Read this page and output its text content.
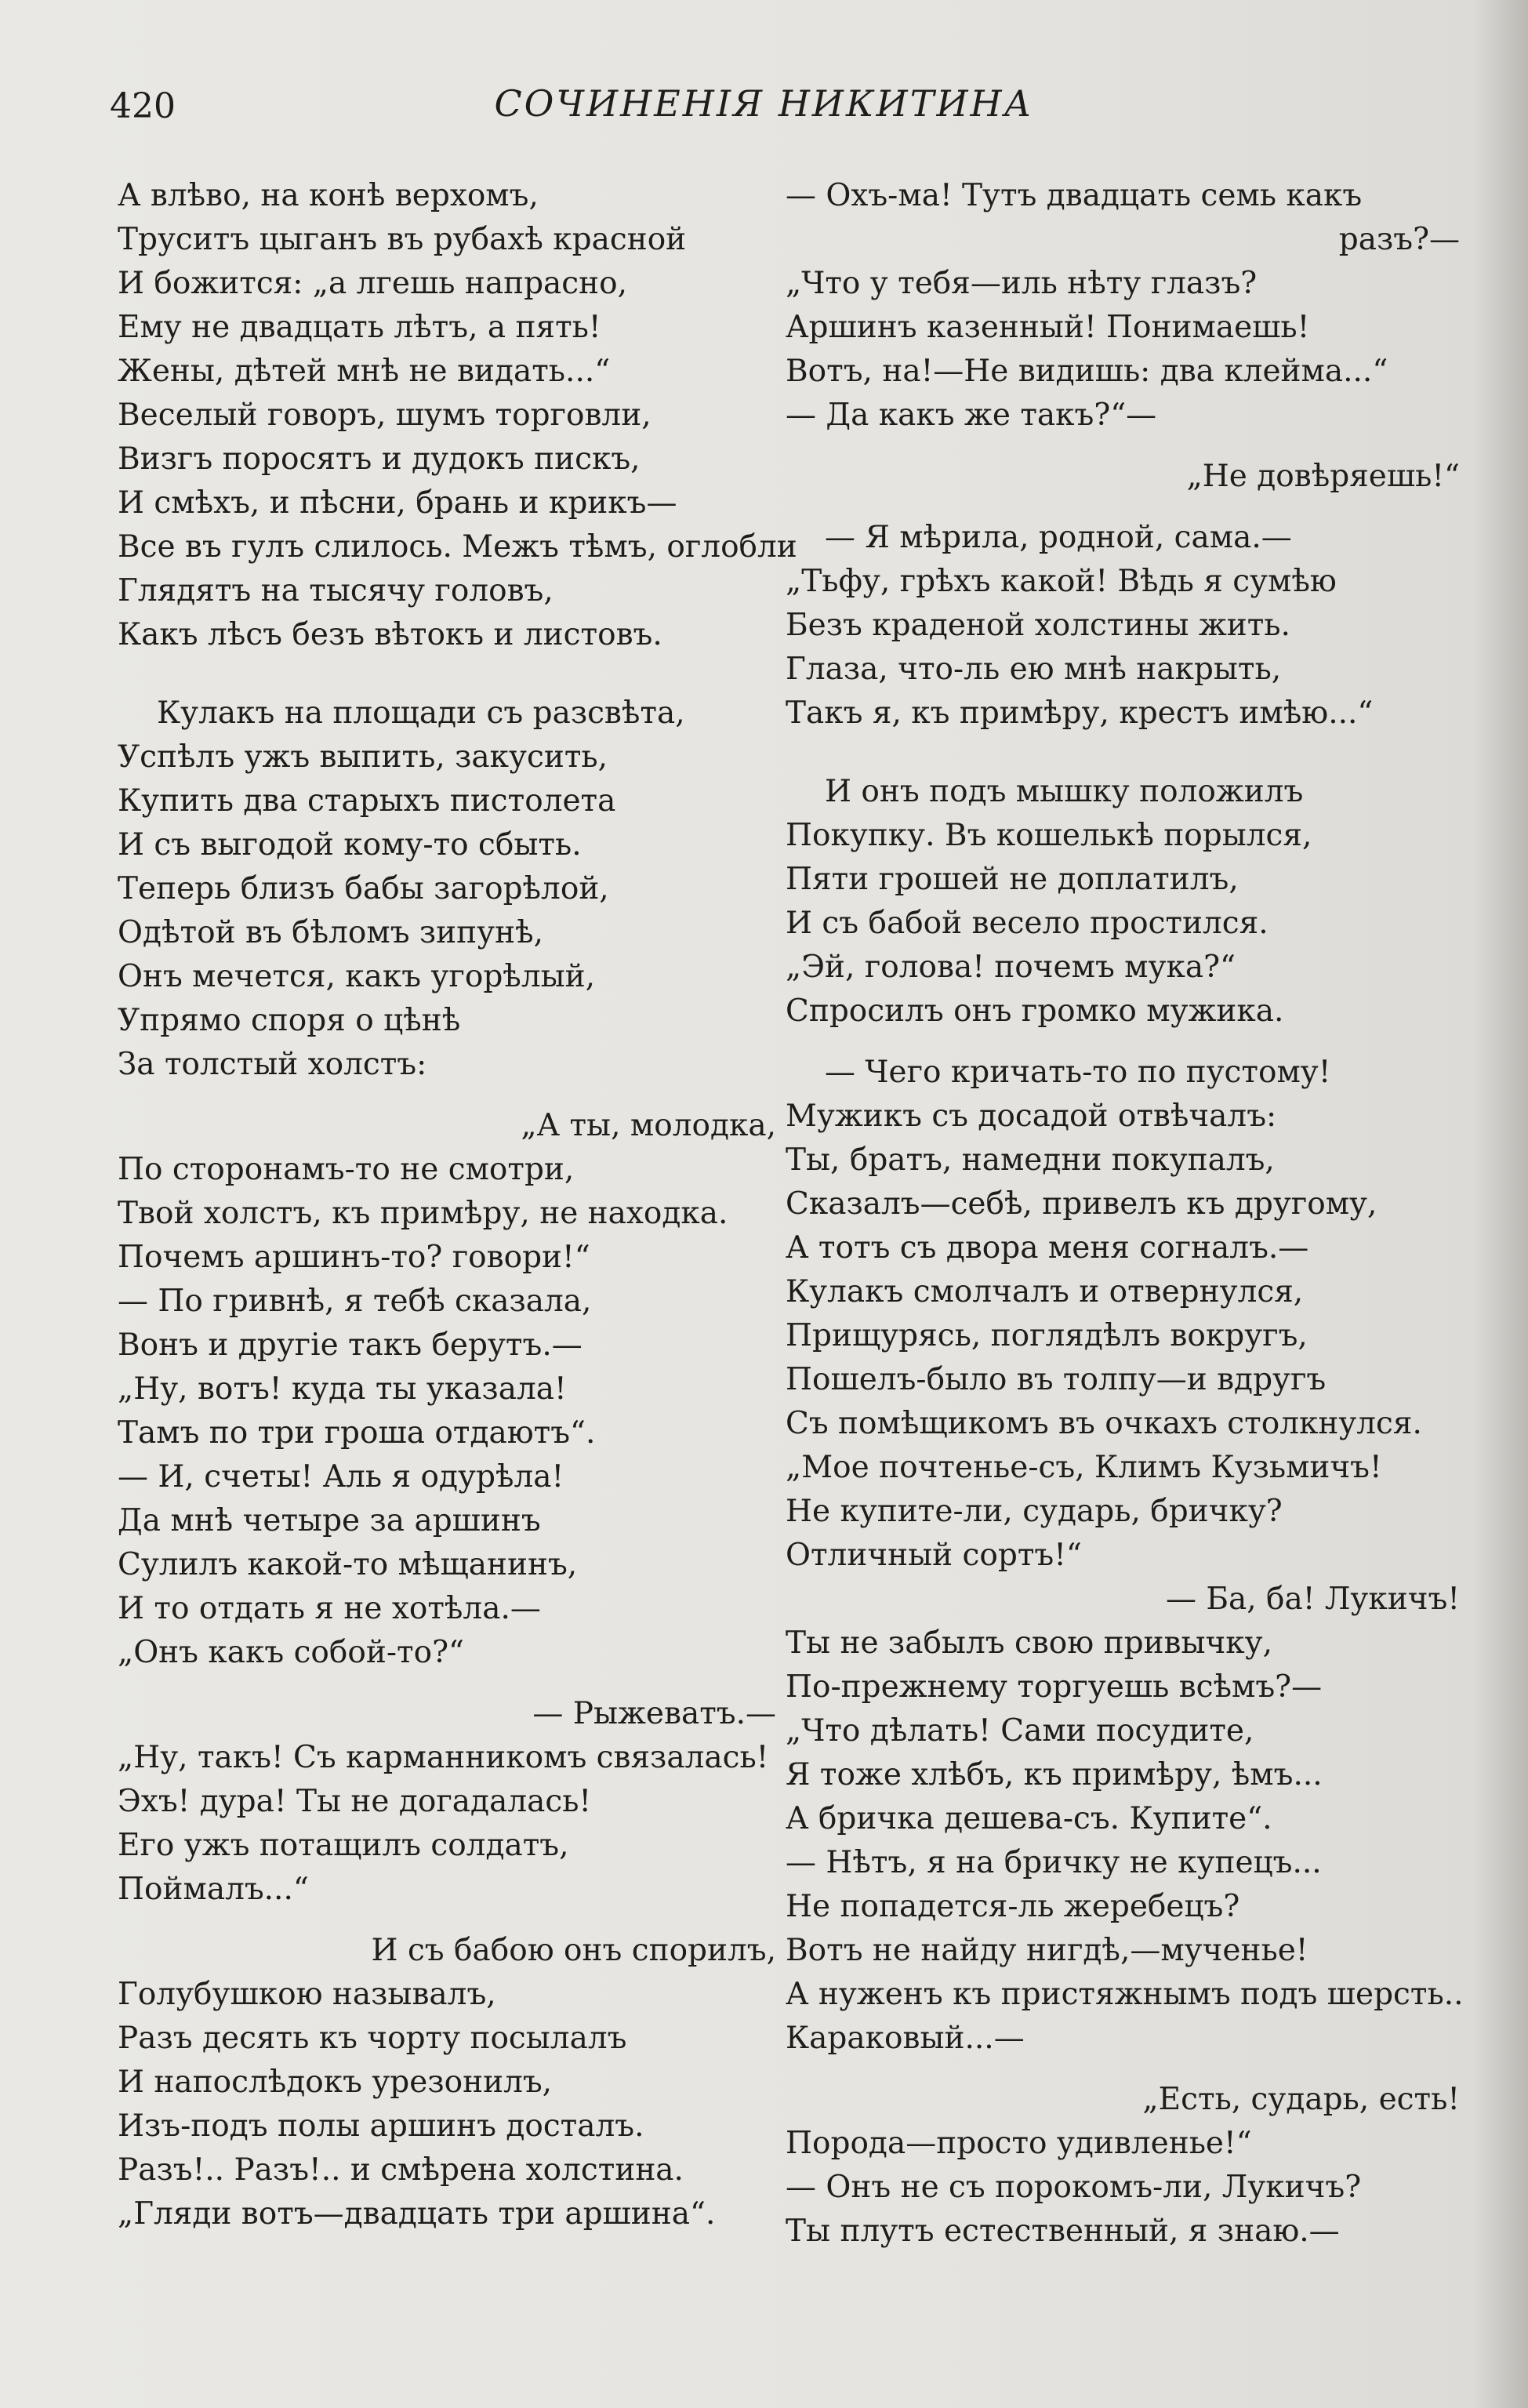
420	СОЧИНЕНІЯ НИКИТИНА
А влѣво, на конѣ верхомъ,
Труситъ цыганъ въ рубахѣ красной
И божится: „а лгешь напрасно,
Ему не двадцать лѣтъ, а пять!
Жены, дѣтей мнѣ не видать...“
Веселый говоръ, шумъ торговли,
Визгъ поросятъ и дудокъ пискъ,
И смѣхъ, и пѣсни, брань и крикъ—
Все въ гулъ слилось. Межъ тѣмъ, оглобли
Глядятъ на тысячу головъ,
Какъ лѣсъ безъ вѣтокъ и листовъ.
Кулакъ на площади съ разсвѣта,
Успѣлъ ужъ выпить, закусить,
Купить два старыхъ пистолета
И съ выгодой кому-то сбыть.
Теперь близъ бабы загорѣлой,
Одѣтой въ бѣломъ зипунѣ,
Онъ мечется, какъ угорѣлый,
Упрямо споря о цѣнѣ
За толстый холстъ:
„А ты, молодка,
По сторонамъ-то не смотри,
Твой холстъ, къ примѣру, не находка.
Почемъ аршинъ-то? говори!“
— По гривнѣ, я тебѣ сказала,
Вонъ и другіе такъ берутъ.—
„Ну, вотъ! куда ты указала!
Тамъ по три гроша отдаютъ“.
— И, счеты! Аль я одурѣла!
Да мнѣ четыре за аршинъ
Сулилъ какой-то мѣщанинъ,
И то отдать я не хотѣла.—
„Онъ какъ собой-то?“
— Рыжеватъ.—
„Ну, такъ! Съ карманникомъ связалась!
Эхъ! дура! Ты не догадалась!
Его ужъ потащилъ солдатъ,
Поймалъ...“
И съ бабою онъ спорилъ,
Голубушкою называлъ,
Разъ десять къ чорту посылалъ
И напослѣдокъ урезонилъ,
Изъ-подъ полы аршинъ досталъ.
Разъ!.. Разъ!.. и смѣрена холстина.
„Гляди вотъ—двадцать три аршина“.
— Охъ-ма! Тутъ двадцать семь какъ
разъ?—
„Что у тебя—иль нѣту глазъ?
Аршинъ казенный! Понимаешь!
Вотъ, на!—Не видишь: два клейма...“
— Да какъ же такъ?“—
„Не довѣряешь!“
— Я мѣрила, родной, сама.—
„Тьфу, грѣхъ какой! Вѣдь я сумѣю
Безъ краденой холстины жить.
Глаза, что-ль ею мнѣ накрыть,
Такъ я, къ примѣру, крестъ имѣю...“
И онъ подъ мышку положилъ
Покупку. Въ кошелькѣ порылся,
Пяти грошей не доплатилъ,
И съ бабой весело простился.
„Эй, голова! почемъ мука?“
Спросилъ онъ громко мужика.
— Чего кричать-то по пустому!
Мужикъ съ досадой отвѣчалъ:
Ты, братъ, намедни покупалъ,
Сказалъ—себѣ, привелъ къ другому,
А тотъ съ двора меня согналъ.—
Кулакъ смолчалъ и отвернулся,
Прищурясь, поглядѣлъ вокругъ,
Пошелъ-было въ толпу—и вдругъ
Съ помѣщикомъ въ очкахъ столкнулся.
„Мое почтенье-съ, Климъ Кузьмичъ!
Не купите-ли, сударь, бричку?
Отличный сортъ!“
— Ба, ба! Лукичъ!
Ты не забылъ свою привычку,
По-прежнему торгуешь всѣмъ?—
„Что дѣлать! Сами посудите,
Я тоже хлѣбъ, къ примѣру, ѣмъ...
А бричка дешева-съ. Купите“.
— Нѣтъ, я на бричку не купецъ...
Не попадется-ль жеребецъ?
Вотъ не найду нигдѣ,—мученье!
А нуженъ къ пристяжнымъ подъ шерсть..
Караковый...—
„Есть, сударь, есть!
Порода—просто удивленье!“
— Онъ не съ порокомъ-ли, Лукичъ?
Ты плутъ естественный, я знаю.—
